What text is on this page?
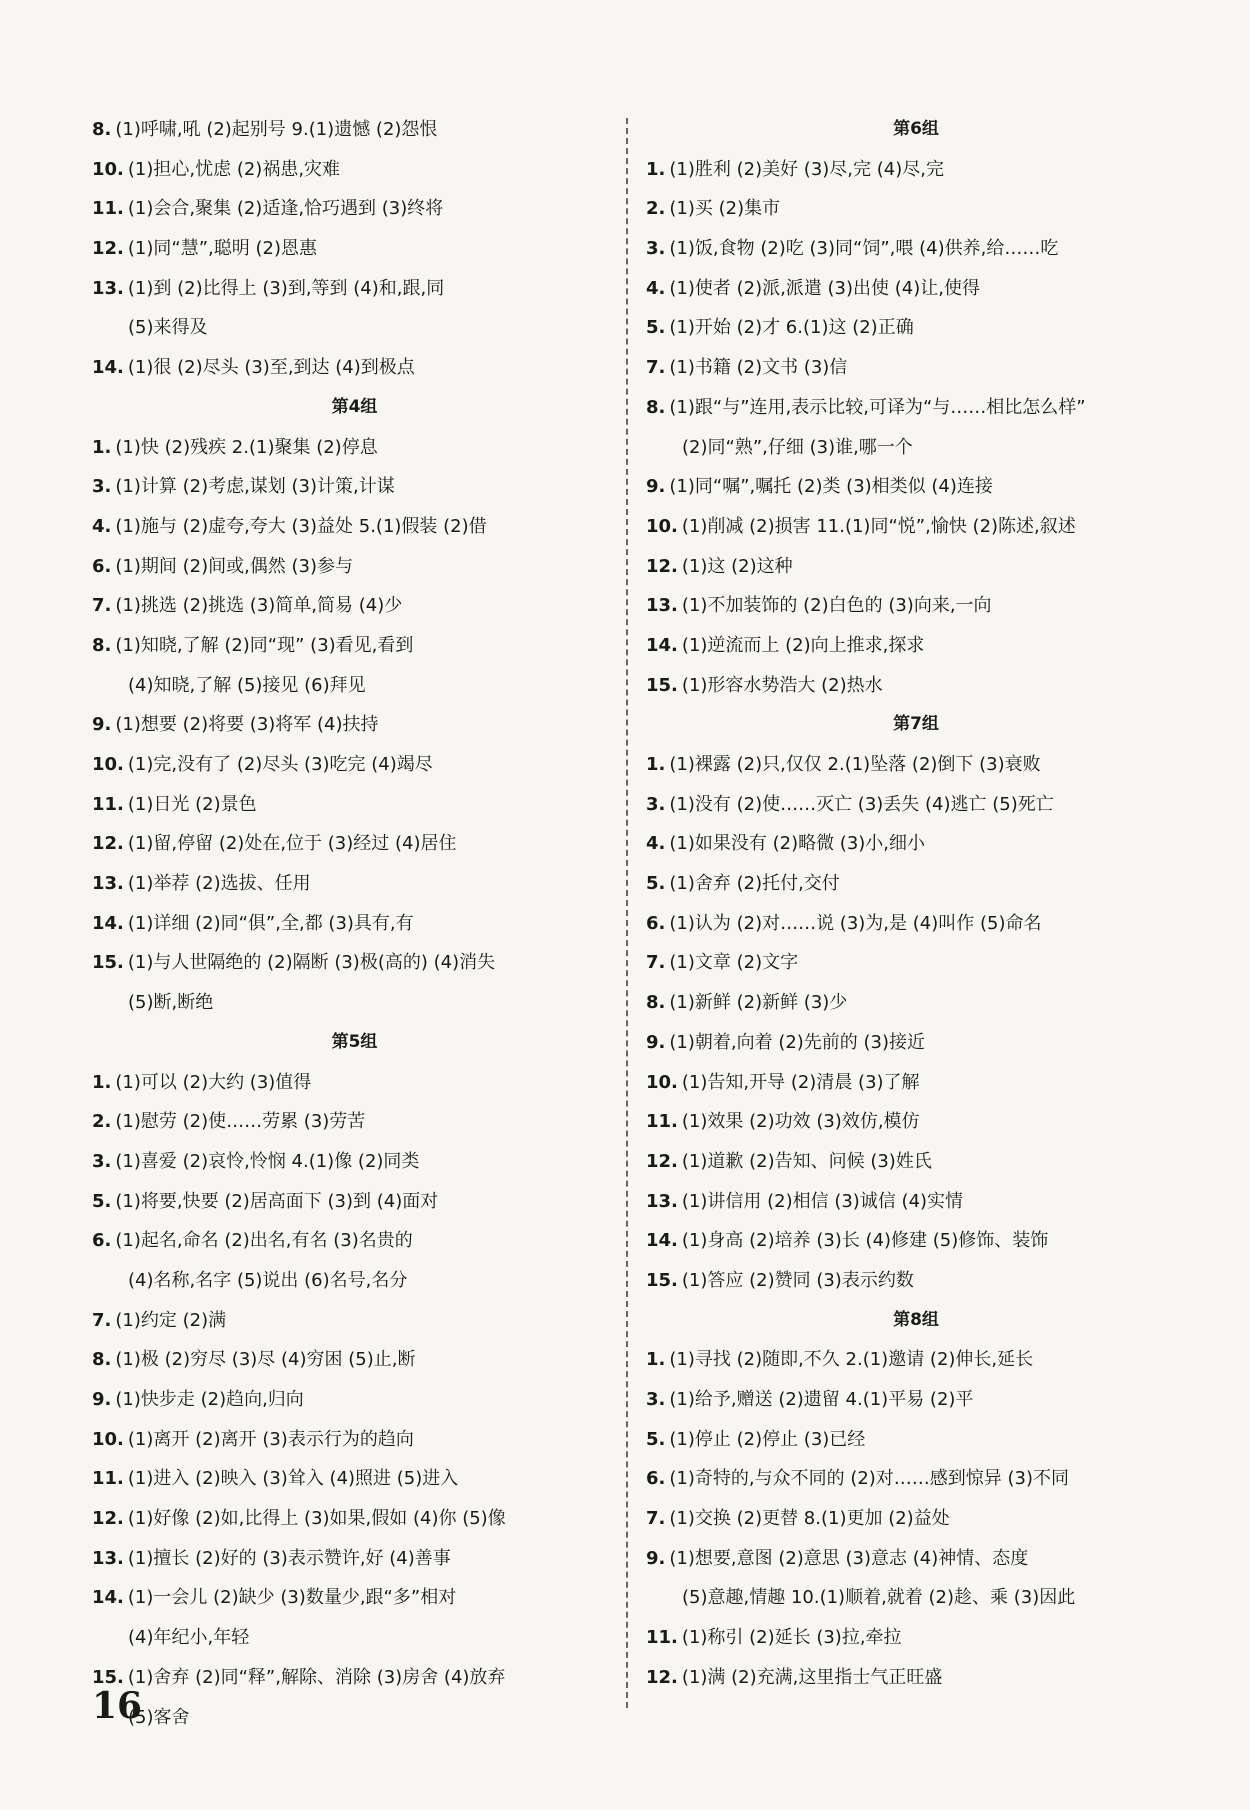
8. (1)呼啸,吼 (2)起别号 9.(1)遗憾 (2)怨恨
10. (1)担心,忧虑 (2)祸患,灾难
11. (1)会合,聚集 (2)适逢,恰巧遇到 (3)终将
12. (1)同“慧”,聪明 (2)恩惠
13. (1)到 (2)比得上 (3)到,等到 (4)和,跟,同
(5)来得及
14. (1)很 (2)尽头 (3)至,到达 (4)到极点
第4组
1. (1)快 (2)残疾 2.(1)聚集 (2)停息
3. (1)计算 (2)考虑,谋划 (3)计策,计谋
4. (1)施与 (2)虚夸,夸大 (3)益处 5.(1)假装 (2)借
6. (1)期间 (2)间或,偶然 (3)参与
7. (1)挑选 (2)挑选 (3)简单,简易 (4)少
8. (1)知晓,了解 (2)同“现” (3)看见,看到
(4)知晓,了解 (5)接见 (6)拜见
9. (1)想要 (2)将要 (3)将军 (4)扶持
10. (1)完,没有了 (2)尽头 (3)吃完 (4)竭尽
11. (1)日光 (2)景色
12. (1)留,停留 (2)处在,位于 (3)经过 (4)居住
13. (1)举荐 (2)选拔、任用
14. (1)详细 (2)同“俱”,全,都 (3)具有,有
15. (1)与人世隔绝的 (2)隔断 (3)极(高的) (4)消失
(5)断,断绝
第5组
1. (1)可以 (2)大约 (3)值得
2. (1)慰劳 (2)使……劳累 (3)劳苦
3. (1)喜爱 (2)哀怜,怜悯 4.(1)像 (2)同类
5. (1)将要,快要 (2)居高面下 (3)到 (4)面对
6. (1)起名,命名 (2)出名,有名 (3)名贵的
(4)名称,名字 (5)说出 (6)名号,名分
7. (1)约定 (2)满
8. (1)极 (2)穷尽 (3)尽 (4)穷困 (5)止,断
9. (1)快步走 (2)趋向,归向
10. (1)离开 (2)离开 (3)表示行为的趋向
11. (1)进入 (2)映入 (3)耸入 (4)照进 (5)进入
12. (1)好像 (2)如,比得上 (3)如果,假如 (4)你 (5)像
13. (1)擅长 (2)好的 (3)表示赞许,好 (4)善事
14. (1)一会儿 (2)缺少 (3)数量少,跟“多”相对
(4)年纪小,年轻
15. (1)舍弃 (2)同“释”,解除、消除 (3)房舍 (4)放弃
(5)客舍
第6组
1. (1)胜利 (2)美好 (3)尽,完 (4)尽,完
2. (1)买 (2)集市
3. (1)饭,食物 (2)吃 (3)同“饲”,喂 (4)供养,给……吃
4. (1)使者 (2)派,派遣 (3)出使 (4)让,使得
5. (1)开始 (2)才 6.(1)这 (2)正确
7. (1)书籍 (2)文书 (3)信
8. (1)跟“与”连用,表示比较,可译为“与……相比怎么样”
(2)同“熟”,仔细 (3)谁,哪一个
9. (1)同“嘱”,嘱托 (2)类 (3)相类似 (4)连接
10. (1)削减 (2)损害 11.(1)同“悦”,愉快 (2)陈述,叙述
12. (1)这 (2)这种
13. (1)不加装饰的 (2)白色的 (3)向来,一向
14. (1)逆流而上 (2)向上推求,探求
15. (1)形容水势浩大 (2)热水
第7组
1. (1)裸露 (2)只,仅仅 2.(1)坠落 (2)倒下 (3)衰败
3. (1)没有 (2)使……灭亡 (3)丢失 (4)逃亡 (5)死亡
4. (1)如果没有 (2)略微 (3)小,细小
5. (1)舍弃 (2)托付,交付
6. (1)认为 (2)对……说 (3)为,是 (4)叫作 (5)命名
7. (1)文章 (2)文字
8. (1)新鲜 (2)新鲜 (3)少
9. (1)朝着,向着 (2)先前的 (3)接近
10. (1)告知,开导 (2)清晨 (3)了解
11. (1)效果 (2)功效 (3)效仿,模仿
12. (1)道歉 (2)告知、问候 (3)姓氏
13. (1)讲信用 (2)相信 (3)诚信 (4)实情
14. (1)身高 (2)培养 (3)长 (4)修建 (5)修饰、装饰
15. (1)答应 (2)赞同 (3)表示约数
第8组
1. (1)寻找 (2)随即,不久 2.(1)邀请 (2)伸长,延长
3. (1)给予,赠送 (2)遗留 4.(1)平易 (2)平
5. (1)停止 (2)停止 (3)已经
6. (1)奇特的,与众不同的 (2)对……感到惊异 (3)不同
7. (1)交换 (2)更替 8.(1)更加 (2)益处
9. (1)想要,意图 (2)意思 (3)意志 (4)神情、态度
(5)意趣,情趣 10.(1)顺着,就着 (2)趁、乘 (3)因此
11. (1)称引 (2)延长 (3)拉,牵拉
12. (1)满 (2)充满,这里指士气正旺盛
16
